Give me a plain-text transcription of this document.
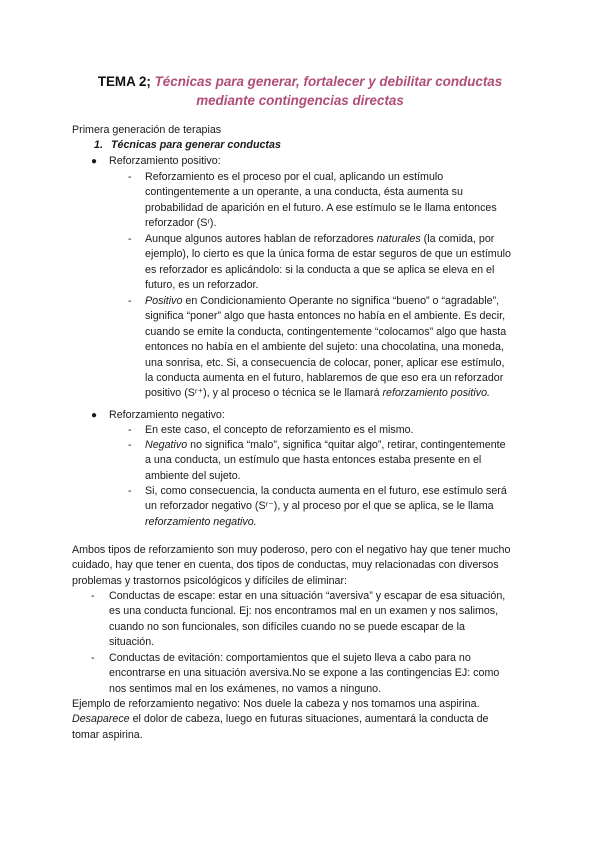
TEMA 2; Técnicas para generar, fortalecer y debilitar conductas
mediante contingencias directas
Primera generación de terapias
1. Técnicas para generar conductas
● Reforzamiento positivo:
- Reforzamiento es el proceso por el cual, aplicando un estímulo
contingentemente a un operante, a una conducta, ésta aumenta su
probabilidad de aparición en el futuro. A ese estímulo se le llama entonces
reforzador (Sʳ).
- Aunque algunos autores hablan de reforzadores naturales (la comida, por
ejemplo), lo cierto es que la única forma de estar seguros de que un estímulo
es reforzador es aplicándolo: si la conducta a que se aplica se eleva en el
futuro, es un reforzador.
- Positivo en Condicionamiento Operante no significa “bueno” o “agradable”,
significa “poner” algo que hasta entonces no había en el ambiente. Es decir,
cuando se emite la conducta, contingentemente “colocamos” algo que hasta
entonces no había en el ambiente del sujeto: una chocolatina, una moneda,
una sonrisa, etc. Si, a consecuencia de colocar, poner, aplicar ese estímulo,
la conducta aumenta en el futuro, hablaremos de que eso era un reforzador
positivo (Sʳ⁺), y al proceso o técnica se le llamará reforzamiento positivo.
● Reforzamiento negativo:
- En este caso, el concepto de reforzamiento es el mismo.
- Negativo no significa “malo”, significa “quitar algo”, retirar, contingentemente
a una conducta, un estímulo que hasta entonces estaba presente en el
ambiente del sujeto.
- Si, como consecuencia, la conducta aumenta en el futuro, ese estímulo será
un reforzador negativo (Sʳ⁻), y al proceso por el que se aplica, se le llama
reforzamiento negativo.
Ambos tipos de reforzamiento son muy poderoso, pero con el negativo hay que tener mucho
cuidado, hay que tener en cuenta, dos tipos de conductas, muy relacionadas con diversos
problemas y trastornos psicológicos y difíciles de eliminar:
- Conductas de escape: estar en una situación “aversiva” y escapar de esa situación,
es una conducta funcional. Ej: nos encontramos mal en un examen y nos salimos,
cuando no son funcionales, son difíciles cuando no se puede escapar de la
situación.
- Conductas de evitación: comportamientos que el sujeto lleva a cabo para no
encontrarse en una situación aversiva.No se expone a las contingencias EJ: como
nos sentimos mal en los exámenes, no vamos a ninguno.
Ejemplo de reforzamiento negativo: Nos duele la cabeza y nos tomamos una aspirina.
Desaparece el dolor de cabeza, luego en futuras situaciones, aumentará la conducta de
tomar aspirina.
